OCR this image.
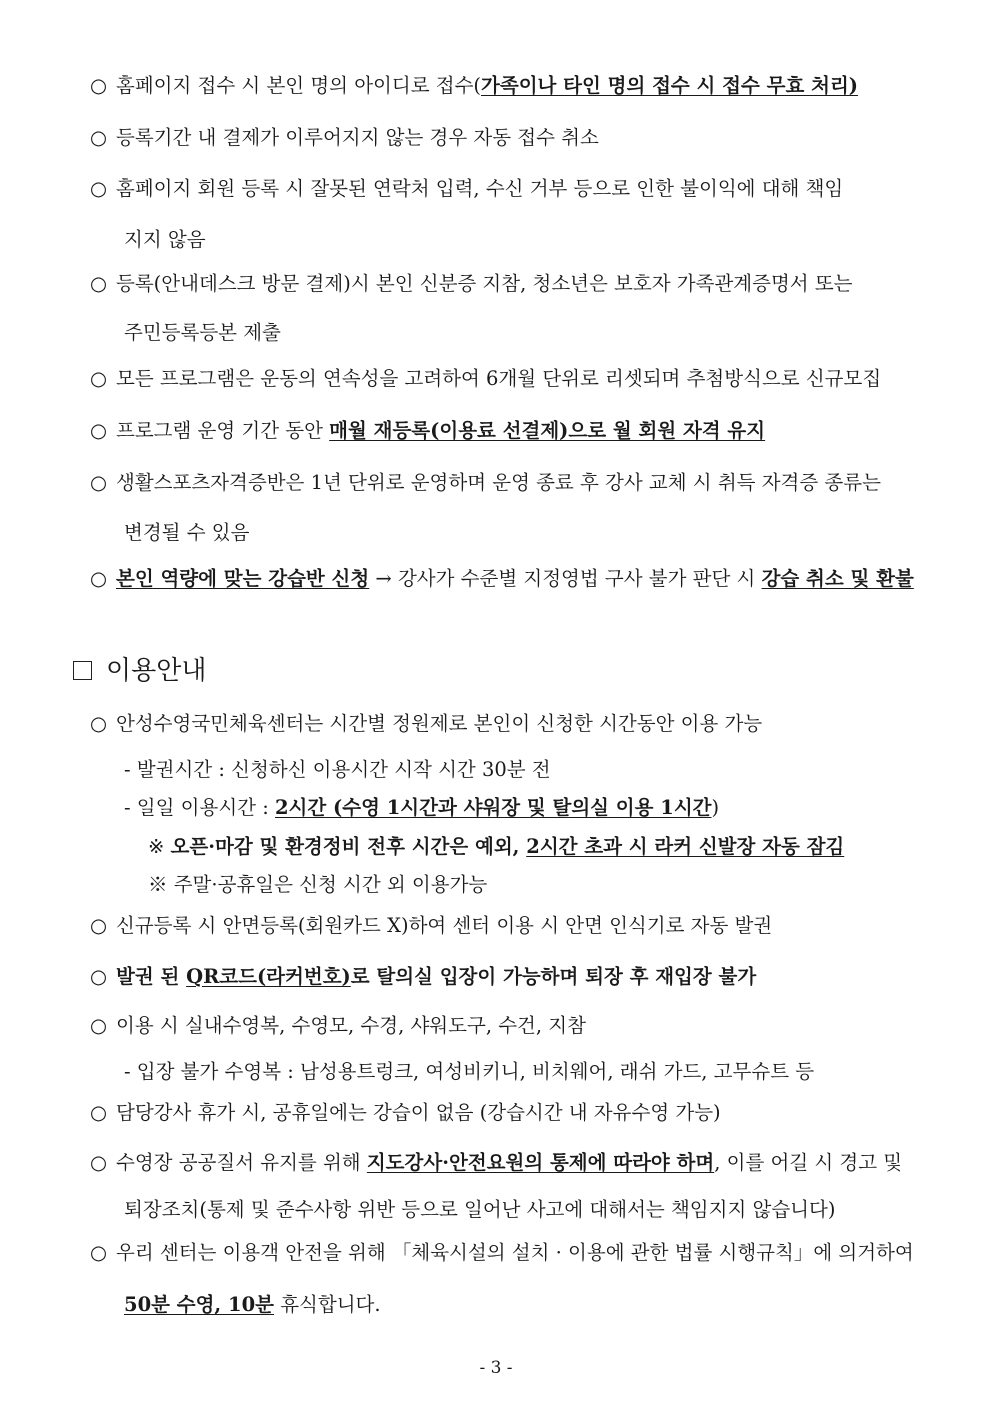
○ 홈페이지 접수 시 본인 명의 아이디로 접수(가족이나 타인 명의 접수 시 접수 무효 처리)
○ 등록기간 내 결제가 이루어지지 않는 경우 자동 접수 취소
○ 홈페이지 회원 등록 시 잘못된 연락처 입력, 수신 거부 등으로 인한 불이익에 대해 책임
지지 않음
○ 등록(안내데스크 방문 결제)시 본인 신분증 지참, 청소년은 보호자 가족관계증명서 또는
주민등록등본 제출
○ 모든 프로그램은 운동의 연속성을 고려하여 6개월 단위로 리셋되며 추첨방식으로 신규모집
○ 프로그램 운영 기간 동안 매월 재등록(이용료 선결제)으로 월 회원 자격 유지
○ 생활스포츠자격증반은 1년 단위로 운영하며 운영 종료 후 강사 교체 시 취득 자격증 종류는
변경될 수 있음
○ 본인 역량에 맞는 강습반 신청 → 강사가 수준별 지정영법 구사 불가 판단 시 강습 취소 및 환불
이용안내
○ 안성수영국민체육센터는 시간별 정원제로 본인이 신청한 시간동안 이용 가능
- 발권시간 : 신청하신 이용시간 시작 시간 30분 전
- 일일 이용시간 : 2시간 (수영 1시간과 샤워장 및 탈의실 이용 1시간)
※ 오픈·마감 및 환경정비 전후 시간은 예외, 2시간 초과 시 라커 신발장 자동 잠김
※ 주말·공휴일은 신청 시간 외 이용가능
○ 신규등록 시 안면등록(회원카드 X)하여 센터 이용 시 안면 인식기로 자동 발권
○ 발권 된 QR코드(라커번호)로 탈의실 입장이 가능하며 퇴장 후 재입장 불가
○ 이용 시 실내수영복, 수영모, 수경, 샤워도구, 수건, 지참
- 입장 불가 수영복 : 남성용트렁크, 여성비키니, 비치웨어, 래쉬 가드, 고무슈트 등
○ 담당강사 휴가 시, 공휴일에는 강습이 없음 (강습시간 내 자유수영 가능)
○ 수영장 공공질서 유지를 위해 지도강사·안전요원의 통제에 따라야 하며, 이를 어길 시 경고 및
퇴장조치(통제 및 준수사항 위반 등으로 일어난 사고에 대해서는 책임지지 않습니다)
○ 우리 센터는 이용객 안전을 위해 「체육시설의 설치 · 이용에 관한 법률 시행규칙」에 의거하여
50분 수영, 10분 휴식합니다.
- 3 -
